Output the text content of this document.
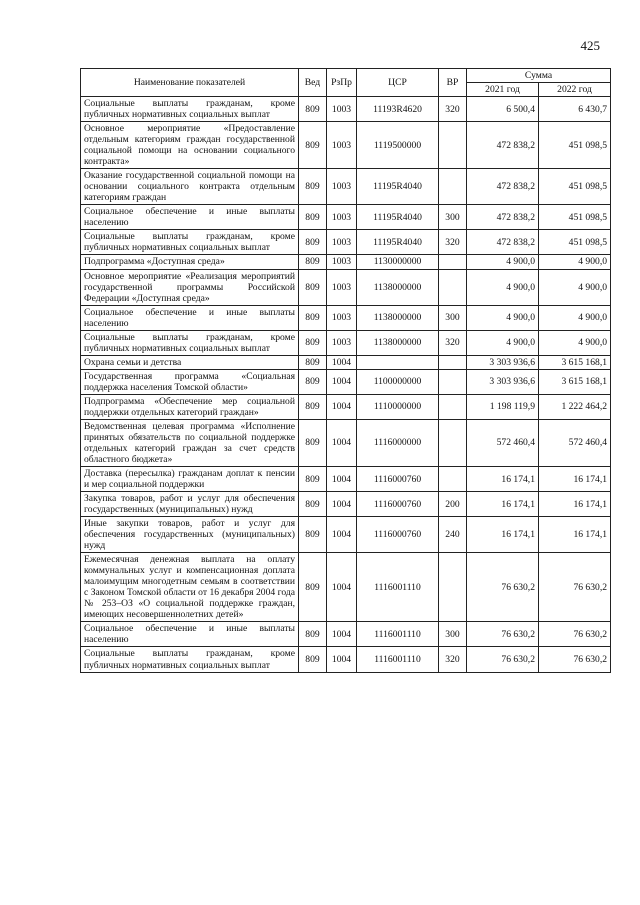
425
Наименование показателей	Вед	РзПр	ЦСР	ВР	Сумма	
					2021 год	2022 год
Социальные выплаты гражданам, кроме публичных нормативных социальных выплат	809	1003	11193R4620	320	6 500,4	6 430,7
Основное мероприятие «Предоставление отдельным категориям граждан государственной социальной помощи на основании социального контракта»	809	1003	1119500000		472 838,2	451 098,5
Оказание государственной социальной помощи на основании социального контракта отдельным категориям граждан	809	1003	11195R4040		472 838,2	451 098,5
Социальное обеспечение и иные выплаты населению	809	1003	11195R4040	300	472 838,2	451 098,5
Социальные выплаты гражданам, кроме публичных нормативных социальных выплат	809	1003	11195R4040	320	472 838,2	451 098,5
Подпрограмма «Доступная среда»	809	1003	1130000000		4 900,0	4 900,0
Основное мероприятие «Реализация мероприятий государственной программы Российской Федерации «Доступная среда»	809	1003	1138000000		4 900,0	4 900,0
Социальное обеспечение и иные выплаты населению	809	1003	1138000000	300	4 900,0	4 900,0
Социальные выплаты гражданам, кроме публичных нормативных социальных выплат	809	1003	1138000000	320	4 900,0	4 900,0
Охрана семьи и детства	809	1004			3 303 936,6	3 615 168,1
Государственная программа «Социальная поддержка населения Томской области»	809	1004	1100000000		3 303 936,6	3 615 168,1
Подпрограмма «Обеспечение мер социальной поддержки отдельных категорий граждан»	809	1004	1110000000		1 198 119,9	1 222 464,2
Ведомственная целевая программа «Исполнение принятых обязательств по социальной поддержке отдельных категорий граждан за счет средств областного бюджета»	809	1004	1116000000		572 460,4	572 460,4
Доставка (пересылка) гражданам доплат к пенсии и мер социальной поддержки	809	1004	1116000760		16 174,1	16 174,1
Закупка товаров, работ и услуг для обеспечения государственных (муниципальных) нужд	809	1004	1116000760	200	16 174,1	16 174,1
Иные закупки товаров, работ и услуг для обеспечения государственных (муниципальных) нужд	809	1004	1116000760	240	16 174,1	16 174,1
Ежемесячная денежная выплата на оплату коммунальных услуг и компенсационная доплата малоимущим многодетным семьям в соответствии с Законом Томской области от 16 декабря 2004 года № 253–ОЗ «О социальной поддержке граждан, имеющих несовершеннолетних детей»	809	1004	1116001110		76 630,2	76 630,2
Социальное обеспечение и иные выплаты населению	809	1004	1116001110	300	76 630,2	76 630,2
Социальные выплаты гражданам, кроме публичных нормативных социальных выплат	809	1004	1116001110	320	76 630,2	76 630,2
